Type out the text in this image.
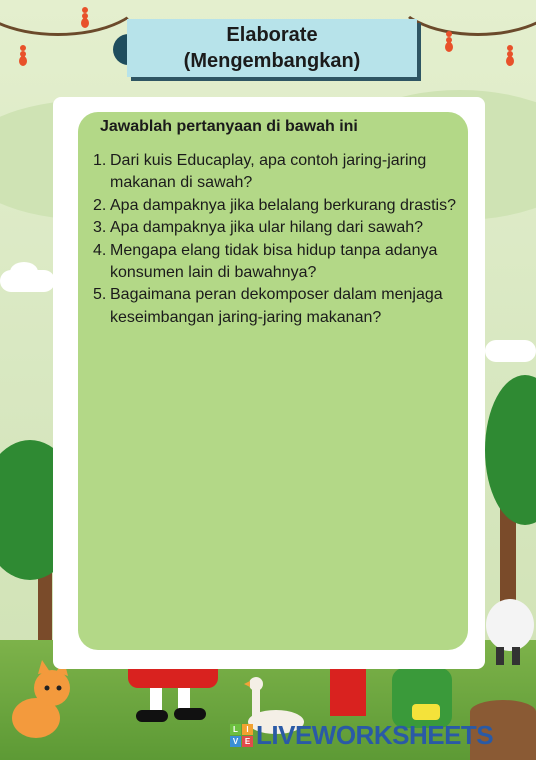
Elaborate
(Mengembangkan)
Jawablah pertanyaan di bawah ini
1. Dari kuis Educaplay, apa contoh jaring-jaring makanan di sawah?
2. Apa dampaknya jika belalang berkurang drastis?
3. Apa dampaknya jika ular hilang dari sawah?
4. Mengapa elang tidak bisa hidup tanpa adanya konsumen lain di bawahnya?
5. Bagaimana peran dekomposer dalam menjaga keseimbangan jaring-jaring makanan?
L	I
V E LIVEWORKSHEETS
